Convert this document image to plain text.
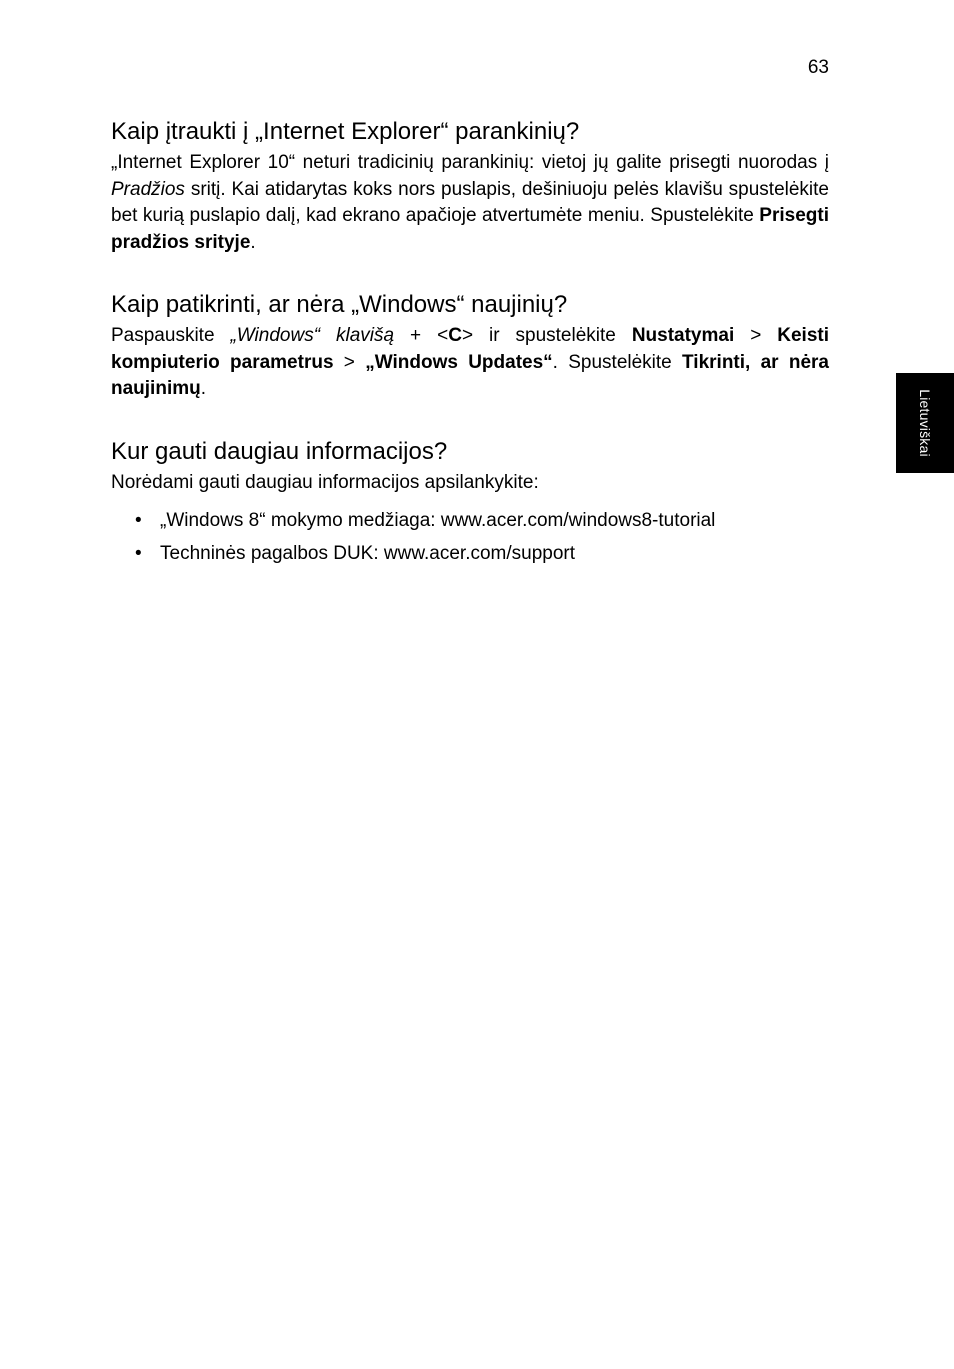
63
Lietuviškai
Kaip įtraukti į „Internet Explorer“ parankinių?

„Internet Explorer 10“ neturi tradicinių parankinių: vietoj jų galite prisegti nuorodas į Pradžios sritį. Kai atidarytas koks nors puslapis, dešiniuoju pelės klavišu spustelėkite bet kurią puslapio dalį, kad ekrano apačioje atvertumėte meniu. Spustelėkite Prisegti pradžios srityje.

Kaip patikrinti, ar nėra „Windows“ naujinių?

Paspauskite „Windows“ klavišą + <C> ir spustelėkite Nustatymai > Keisti kompiuterio parametrus > „Windows Updates“. Spustelėkite Tikrinti, ar nėra naujinimų.

Kur gauti daugiau informacijos?

Norėdami gauti daugiau informacijos apsilankykite:

• „Windows 8“ mokymo medžiaga: www.acer.com/windows8-tutorial
• Techninės pagalbos DUK: www.acer.com/support
